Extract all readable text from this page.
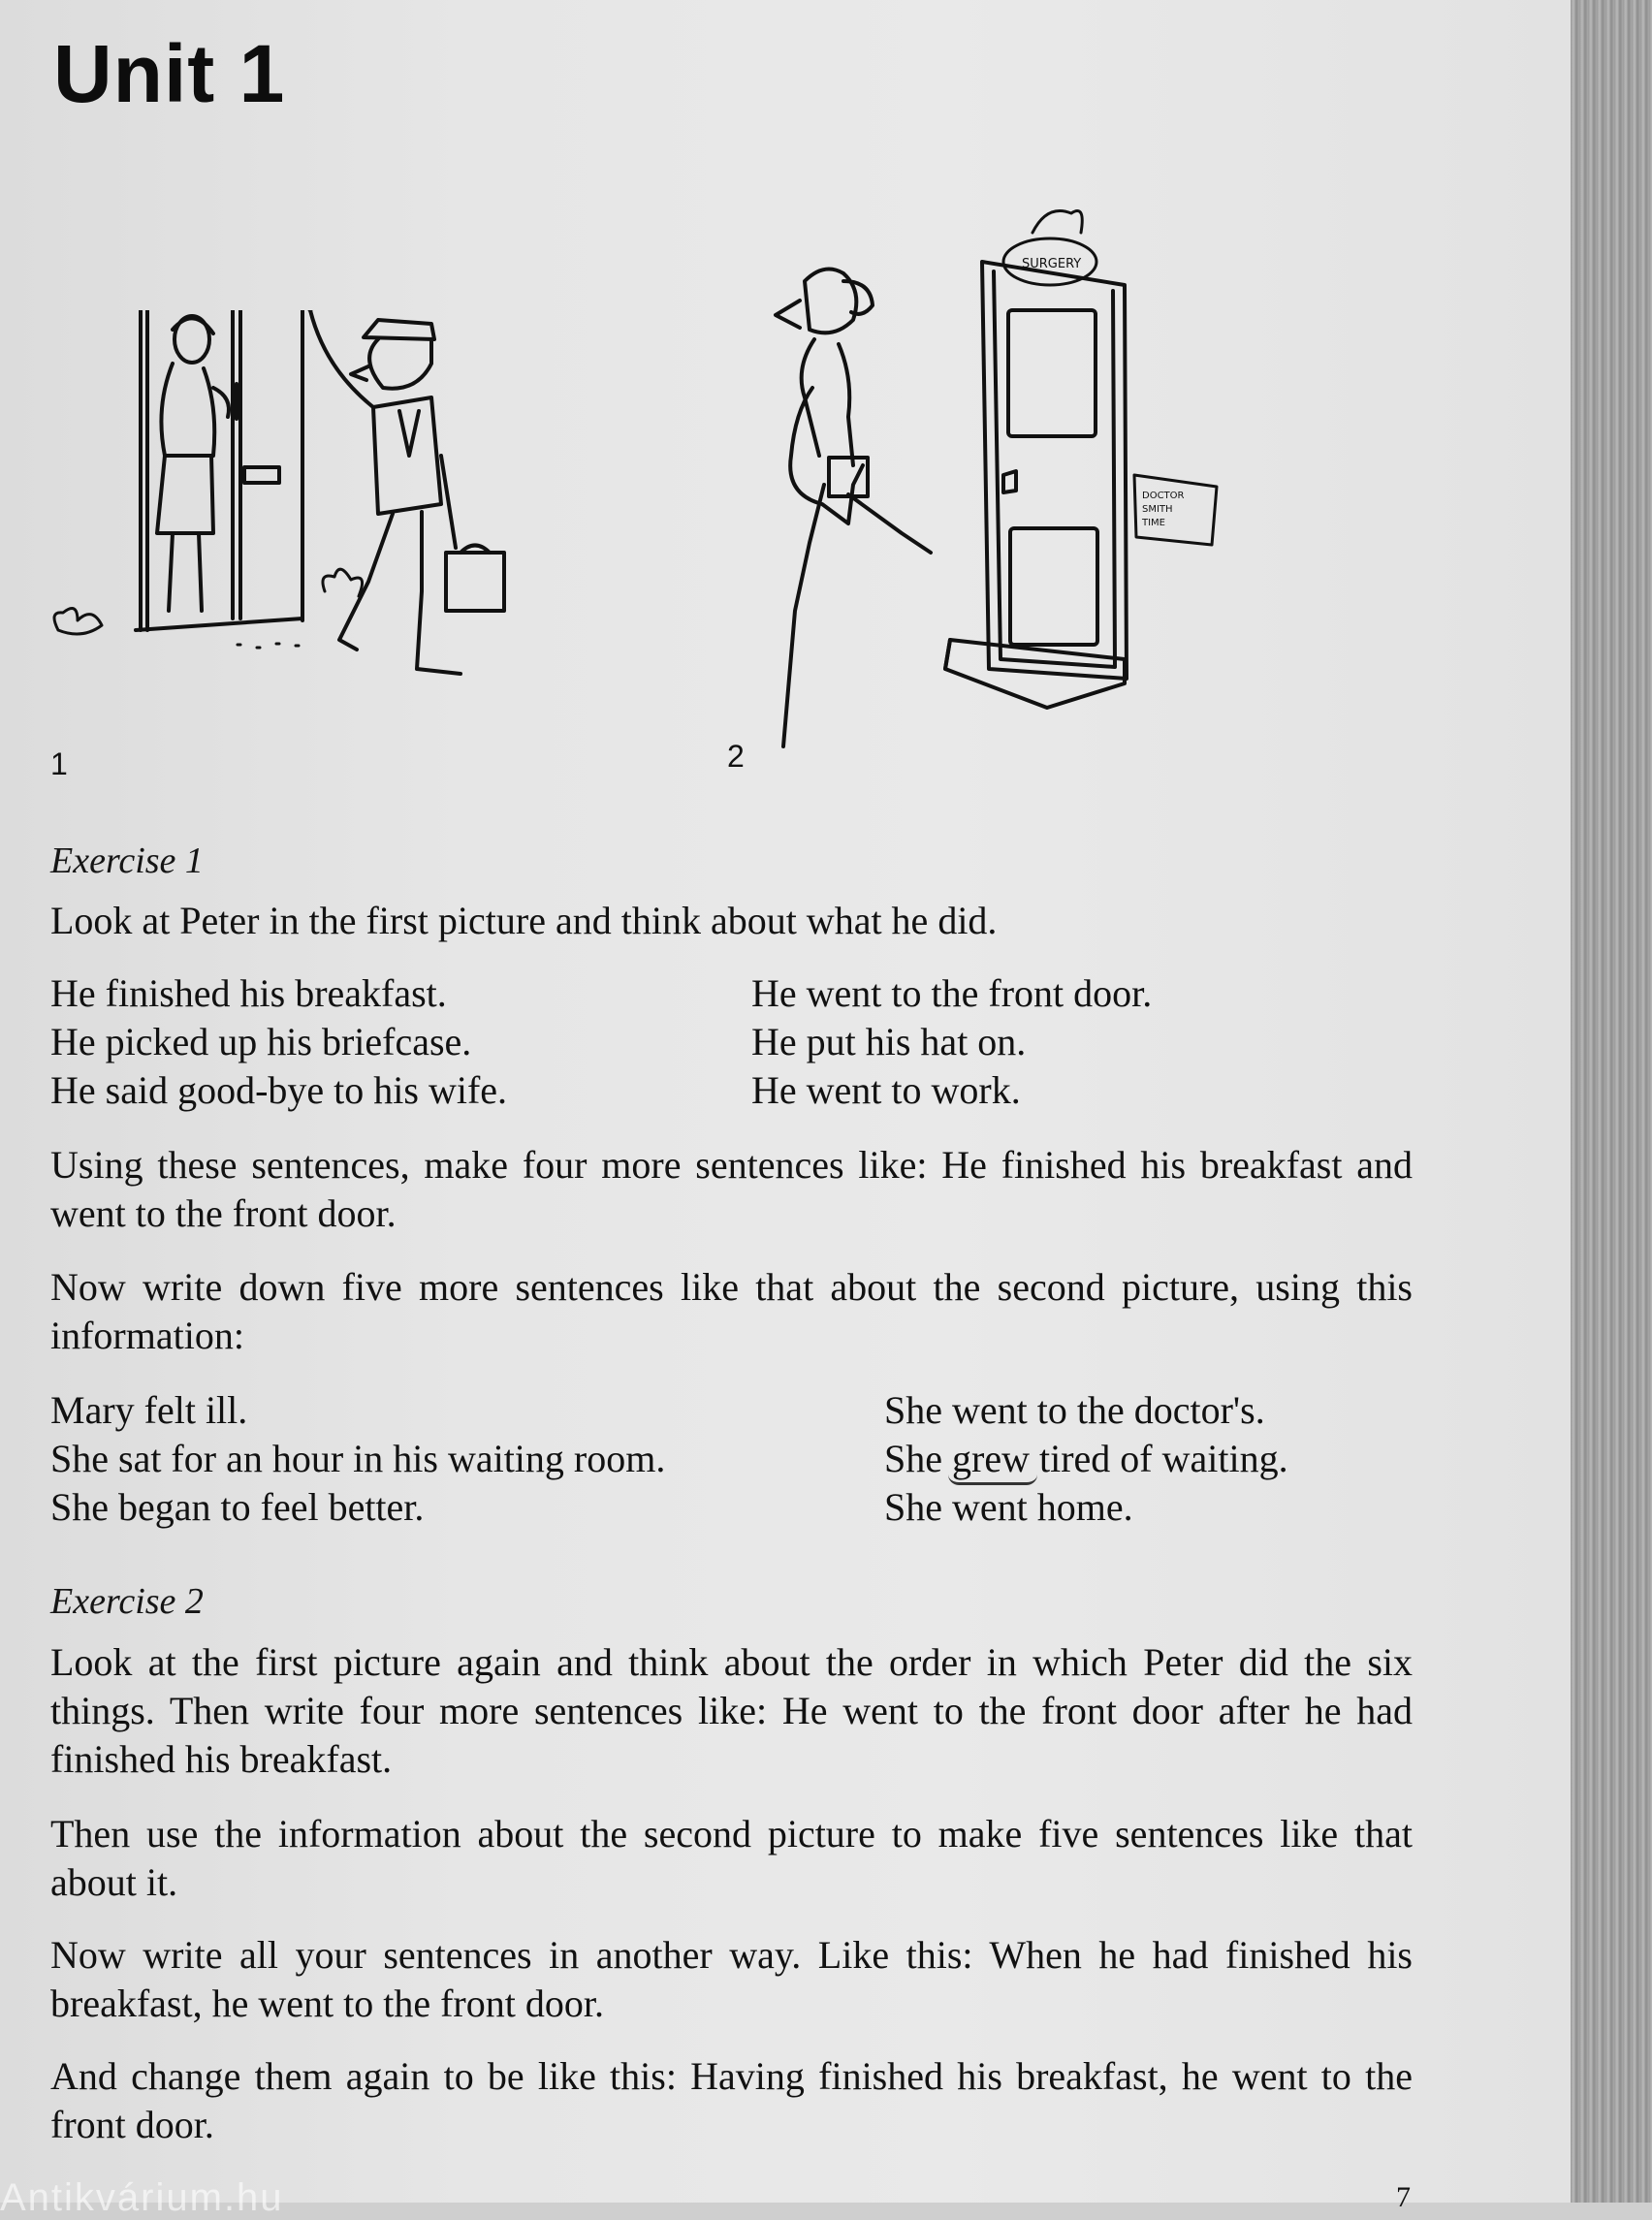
Unit 1
1
SURGERY
DOCTOR
SMITH
TIME
2
Exercise 1

Look at Peter in the first picture and think about what he did.

He finished his breakfast.
He picked up his briefcase.
He said good-bye to his wife.
He went to the front door.
He put his hat on.
He went to work.

Using these sentences, make four more sentences like: He finished his breakfast and went to the front door.

Now write down five more sentences like that about the second picture, using this information:

Mary felt ill.
She sat for an hour in his waiting room.
She began to feel better.
She went to the doctor's.
She grew tired of waiting.
She went home.
Exercise 2

Look at the first picture again and think about the order in which Peter did the six things. Then write four more sentences like: He went to the front door after he had finished his breakfast.

Then use the information about the second picture to make five sentences like that about it.

Now write all your sentences in another way. Like this: When he had finished his breakfast, he went to the front door.

And change them again to be like this: Having finished his breakfast, he went to the front door.

Antikvárium.hu	7
